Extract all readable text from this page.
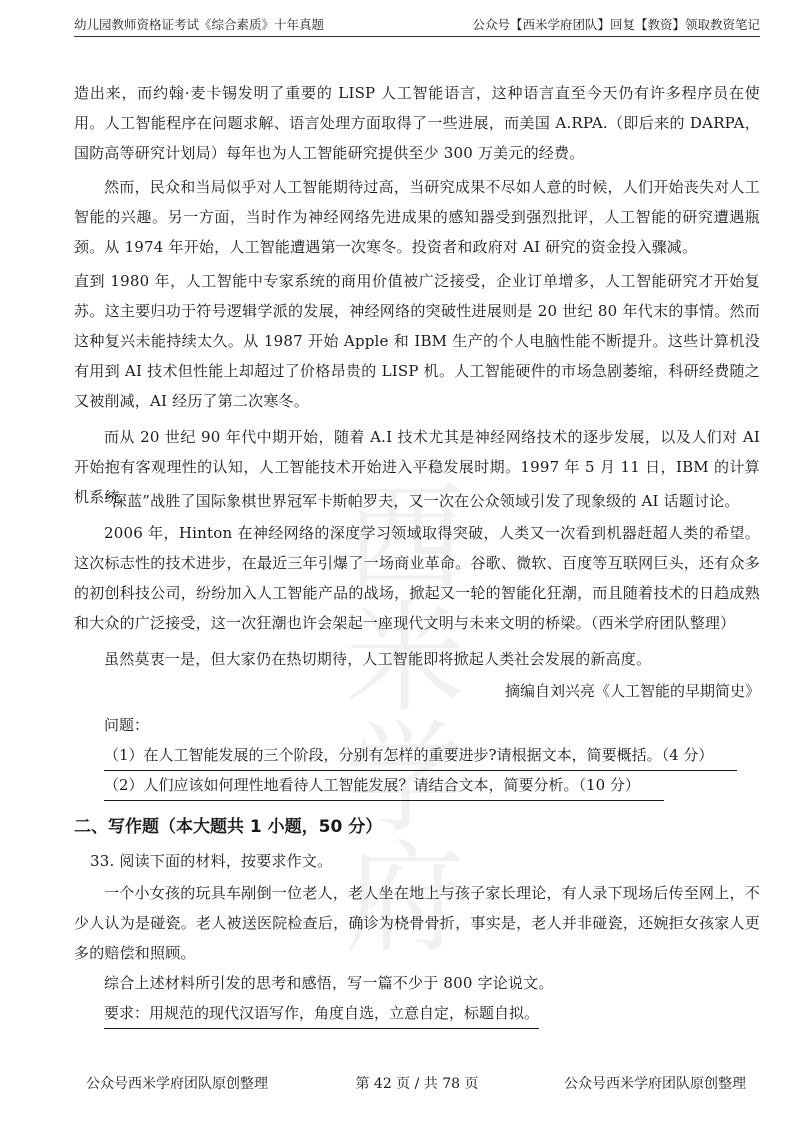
幼儿园教师资格证考试《综合素质》十年真题	公众号【西米学府团队】回复【教资】领取教资笔记
西米学府
造出来，而约翰·麦卡锡发明了重要的 LISP 人工智能语言，这种语言直至今天仍有许多程序员在使用。人工智能程序在问题求解、语言处理方面取得了一些进展，而美国 A.RPA.（即后来的 DARPA，国防高等研究计划局）每年也为人工智能研究提供至少 300 万美元的经费。
然而，民众和当局似乎对人工智能期待过高，当研究成果不尽如人意的时候，人们开始丧失对人工智能的兴趣。另一方面，当时作为神经网络先进成果的感知器受到强烈批评，人工智能的研究遭遇瓶颈。从 1974 年开始，人工智能遭遇第一次寒冬。投资者和政府对 AI 研究的资金投入骤减。
直到 1980 年，人工智能中专家系统的商用价值被广泛接受，企业订单增多，人工智能研究才开始复苏。这主要归功于符号逻辑学派的发展，神经网络的突破性进展则是 20 世纪 80 年代末的事情。然而这种复兴未能持续太久。从 1987 开始 Apple 和 IBM 生产的个人电脑性能不断提升。这些计算机没有用到 AI 技术但性能上却超过了价格昂贵的 LISP 机。人工智能硬件的市场急剧萎缩，科研经费随之又被削减，AI 经历了第二次寒冬。
而从 20 世纪 90 年代中期开始，随着 A.I 技术尤其是神经网络技术的逐步发展，以及人们对 AI 开始抱有客观理性的认知，人工智能技术开始进入平稳发展时期。1997 年 5 月 11 日，IBM 的计算机系统
“深蓝”战胜了国际象棋世界冠军卡斯帕罗夫，又一次在公众领域引发了现象级的 AI 话题讨论。
2006 年，Hinton 在神经网络的深度学习领域取得突破，人类又一次看到机器赶超人类的希望。这次标志性的技术进步，在最近三年引爆了一场商业革命。谷歌、微软、百度等互联网巨头，还有众多的初创科技公司，纷纷加入人工智能产品的战场，掀起又一轮的智能化狂潮，而且随着技术的日趋成熟和大众的广泛接受，这一次狂潮也许会架起一座现代文明与未来文明的桥梁。（西米学府团队整理）
虽然莫衷一是，但大家仍在热切期待，人工智能即将掀起人类社会发展的新高度。
摘编自刘兴亮《人工智能的早期简史》
问题：
（1）在人工智能发展的三个阶段，分别有怎样的重要进步?请根据文本，简要概括。（4 分）
（2）人们应该如何理性地看待人工智能发展？请结合文本，简要分析。（10 分）
二、写作题（本大题共 1 小题，50 分）
33. 阅读下面的材料，按要求作文。
一个小女孩的玩具车剐倒一位老人，老人坐在地上与孩子家长理论，有人录下现场后传至网上，不少人认为是碰瓷。老人被送医院检查后，确诊为桡骨骨折，事实是，老人并非碰瓷，还婉拒女孩家人更多的赔偿和照顾。
综合上述材料所引发的思考和感悟，写一篇不少于 800 字论说文。
要求：用规范的现代汉语写作，角度自选，立意自定，标题自拟。
公众号西米学府团队原创整理	第 42 页 / 共 78 页	公众号西米学府团队原创整理
